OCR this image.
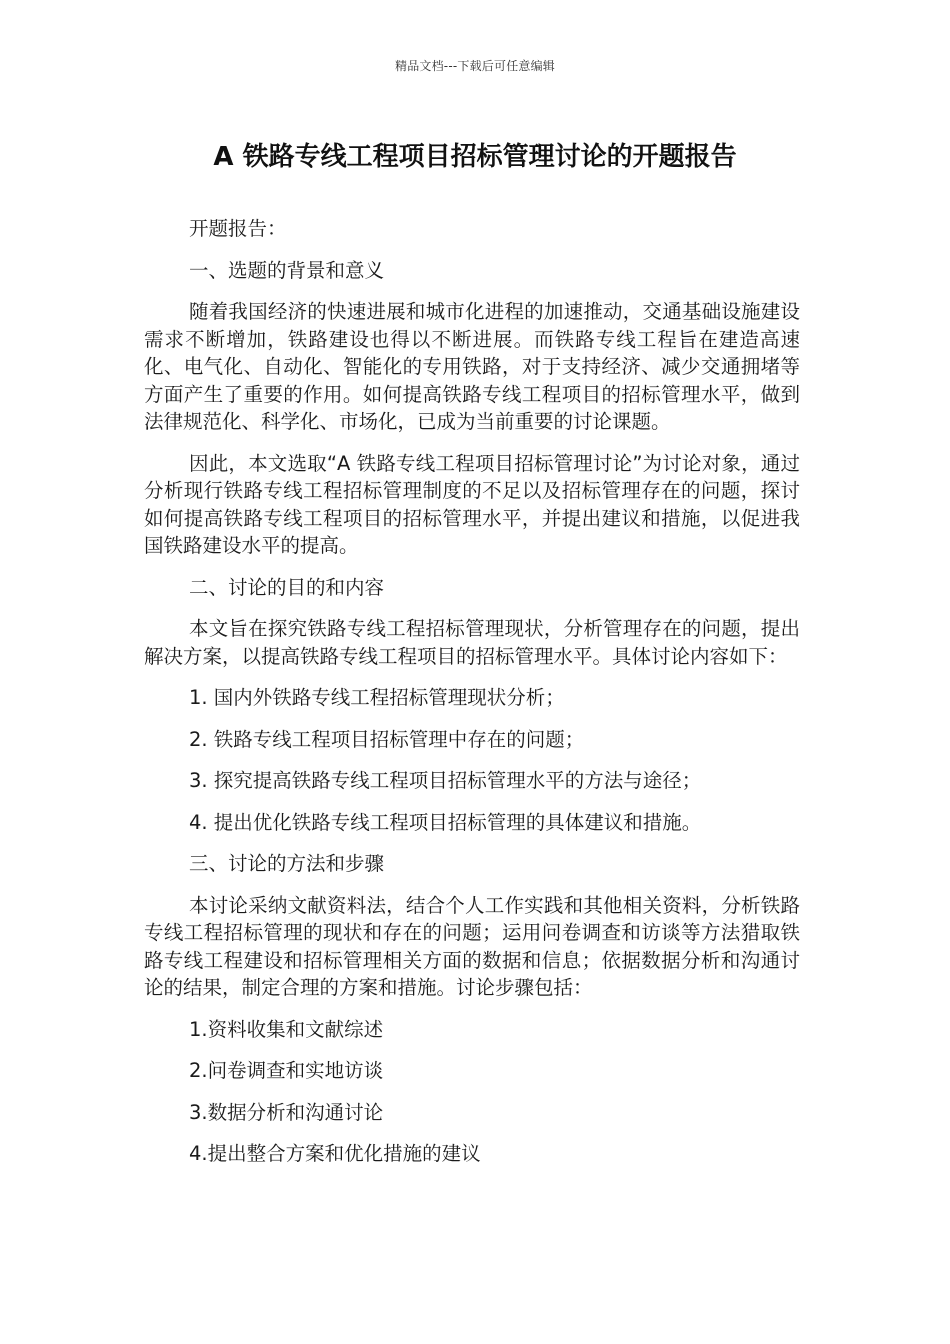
精品文档---下载后可任意编辑
A 铁路专线工程项目招标管理讨论的开题报告

开题报告：

一、选题的背景和意义

随着我国经济的快速进展和城市化进程的加速推动，交通基础设施建设需求不断增加，铁路建设也得以不断进展。而铁路专线工程旨在建造高速化、电气化、自动化、智能化的专用铁路，对于支持经济、减少交通拥堵等方面产生了重要的作用。如何提高铁路专线工程项目的招标管理水平，做到法律规范化、科学化、市场化，已成为当前重要的讨论课题。

因此，本文选取“A 铁路专线工程项目招标管理讨论”为讨论对象，通过分析现行铁路专线工程招标管理制度的不足以及招标管理存在的问题，探讨如何提高铁路专线工程项目的招标管理水平，并提出建议和措施，以促进我国铁路建设水平的提高。

二、讨论的目的和内容

本文旨在探究铁路专线工程招标管理现状，分析管理存在的问题，提出解决方案，以提高铁路专线工程项目的招标管理水平。具体讨论内容如下：

1. 国内外铁路专线工程招标管理现状分析；

2. 铁路专线工程项目招标管理中存在的问题；

3. 探究提高铁路专线工程项目招标管理水平的方法与途径；

4. 提出优化铁路专线工程项目招标管理的具体建议和措施。

三、讨论的方法和步骤

本讨论采纳文献资料法，结合个人工作实践和其他相关资料，分析铁路专线工程招标管理的现状和存在的问题；运用问卷调查和访谈等方法猎取铁路专线工程建设和招标管理相关方面的数据和信息；依据数据分析和沟通讨论的结果，制定合理的方案和措施。讨论步骤包括：

1.资料收集和文献综述

2.问卷调查和实地访谈

3.数据分析和沟通讨论

4.提出整合方案和优化措施的建议
